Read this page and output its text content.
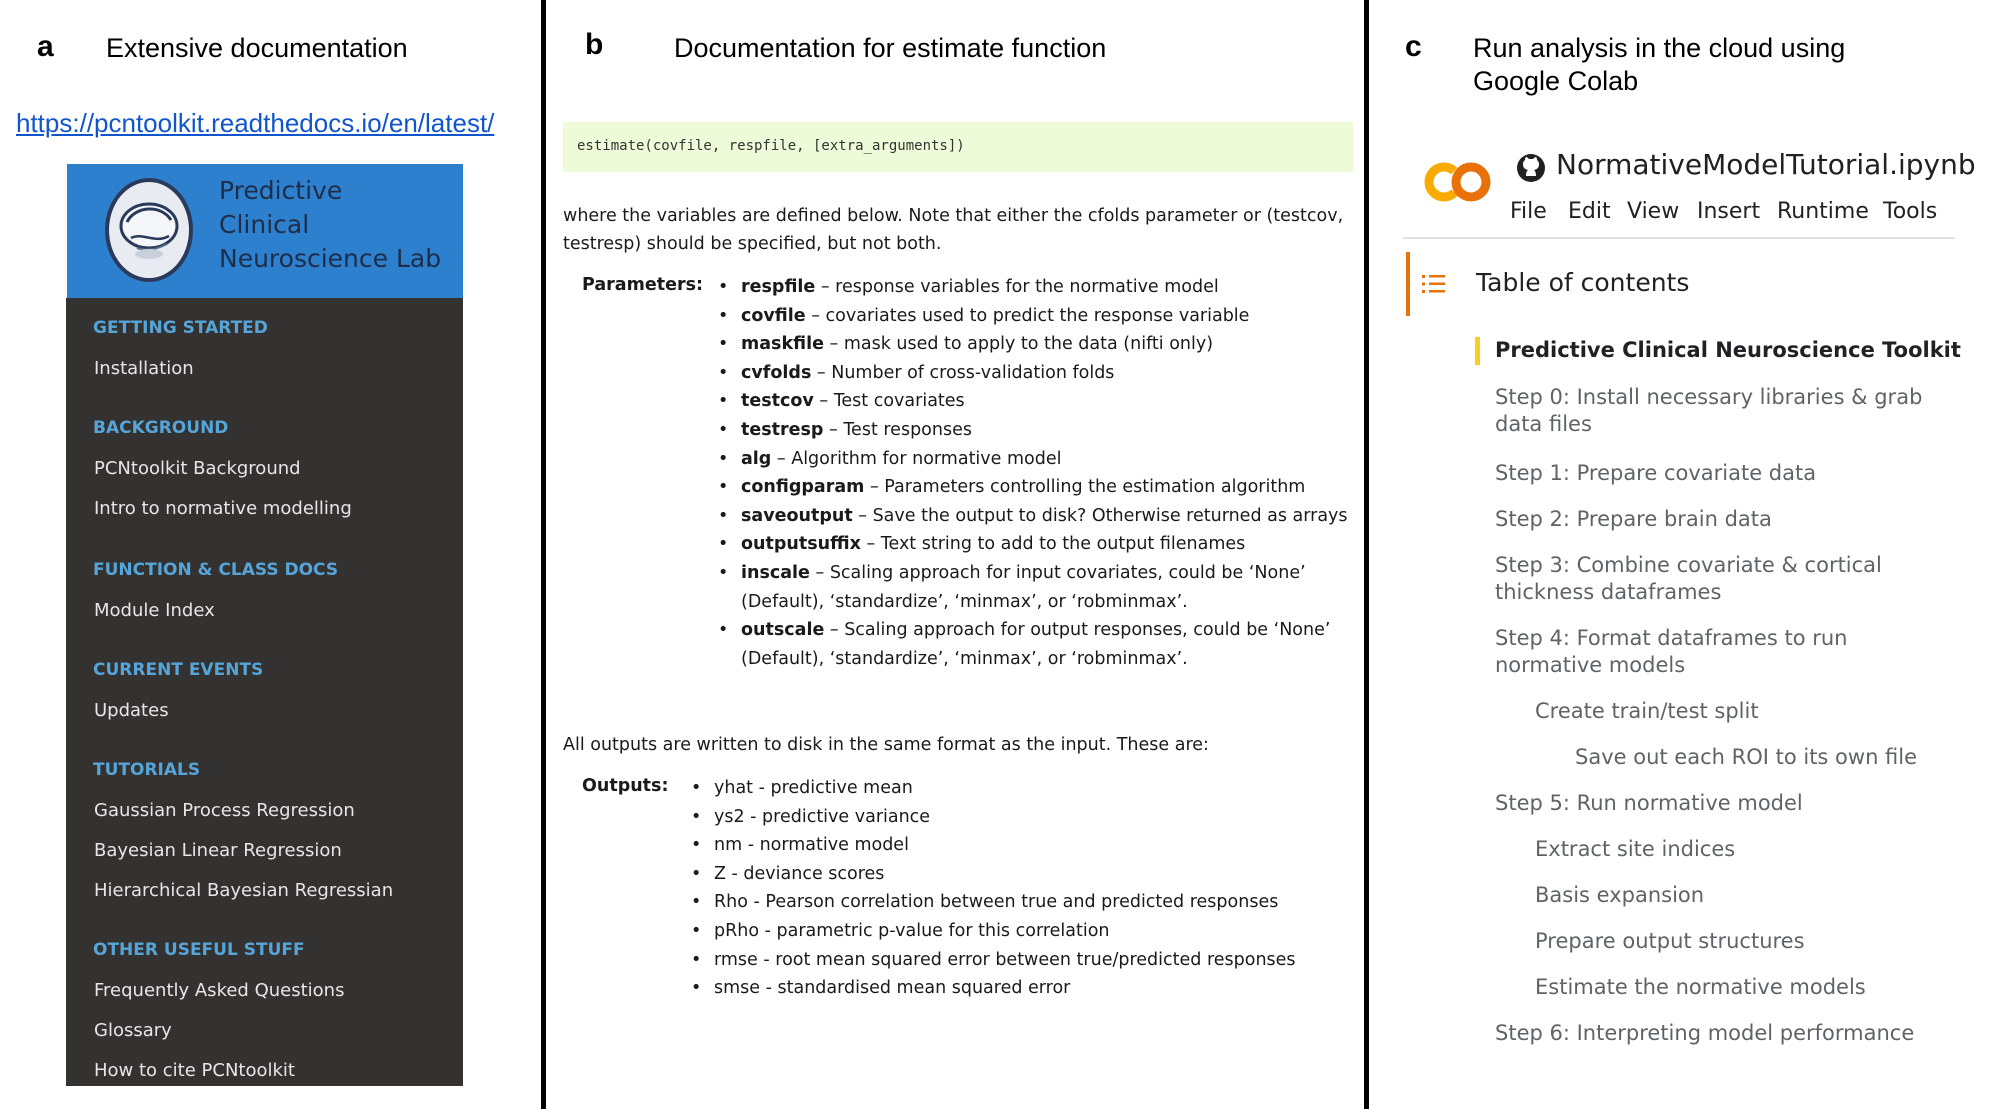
a Extensive documentation
https://pcntoolkit.readthedocs.io/en/latest/
Predictive
Clinical
Neuroscience Lab
GETTING STARTED
Installation
BACKGROUND
PCNtoolkit Background
Intro to normative modelling
FUNCTION & CLASS DOCS
Module Index
CURRENT EVENTS
Updates
TUTORIALS
Gaussian Process Regression
Bayesian Linear Regression
Hierarchical Bayesian Regressian
OTHER USEFUL STUFF
Frequently Asked Questions
Glossary
How to cite PCNtoolkit
b	Documentation for estimate function
estimate(covfile, respfile, [extra_arguments])
where the variables are defined below. Note that either the cfolds parameter or (testcov,
testresp) should be specified, but not both.
Parameters:	• respfile – response variables for the normative model
• covfile – covariates used to predict the response variable
• maskfile – mask used to apply to the data (nifti only)
• cvfolds – Number of cross-validation folds
• testcov – Test covariates
• testresp – Test responses
• alg – Algorithm for normative model
• configparam – Parameters controlling the estimation algorithm
• saveoutput – Save the output to disk? Otherwise returned as arrays
• outputsuffix – Text string to add to the output filenames
• inscale – Scaling approach for input covariates, could be ‘None’ (Default), ‘standardize’, ‘minmax’, or ‘robminmax’.
• outscale – Scaling approach for output responses, could be ‘None’ (Default), ‘standardize’, ‘minmax’, or ‘robminmax’.
All outputs are written to disk in the same format as the input. These are:
Outputs:	• yhat - predictive mean
• ys2 - predictive variance
• nm - normative model
• Z - deviance scores
• Rho - Pearson correlation between true and predicted responses
• pRho - parametric p-value for this correlation
• rmse - root mean squared error between true/predicted responses
• smse - standardised mean squared error
c Run analysis in the cloud using
Google Colab
NormativeModelTutorial.ipynb
File Edit View Insert Runtime Tools
Table of contents
Predictive Clinical Neuroscience Toolkit
Step 0: Install necessary libraries & grab
data files
Step 1: Prepare covariate data
Step 2: Prepare brain data
Step 3: Combine covariate & cortical
thickness dataframes
Step 4: Format dataframes to run
normative models
Create train/test split
Save out each ROI to its own file
Step 5: Run normative model
Extract site indices
Basis expansion
Prepare output structures
Estimate the normative models
Step 6: Interpreting model performance
